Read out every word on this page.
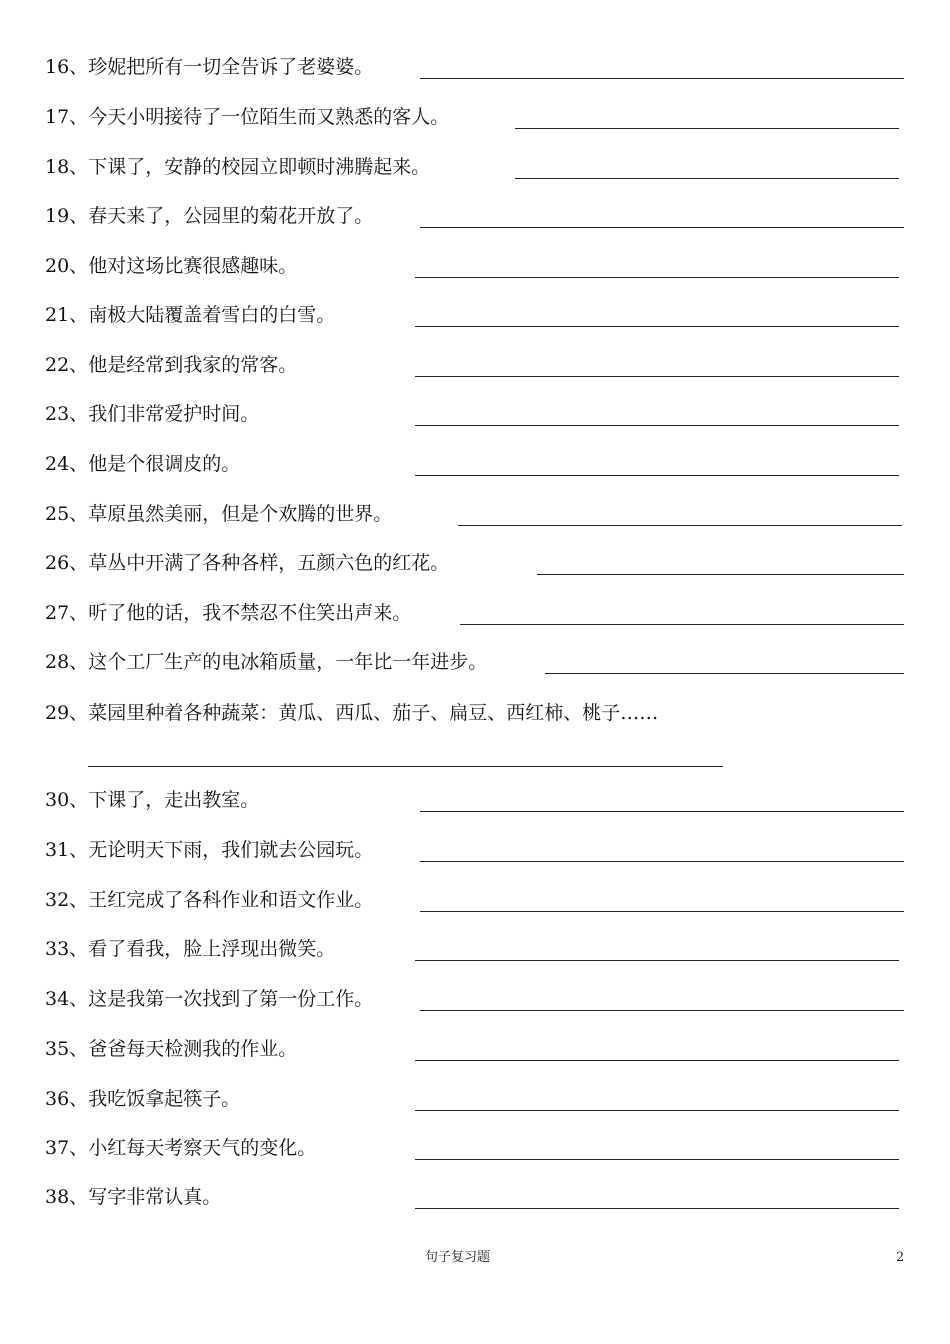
16、珍妮把所有一切全告诉了老婆婆。
17、今天小明接待了一位陌生而又熟悉的客人。
18、下课了，安静的校园立即顿时沸腾起来。
19、春天来了，公园里的菊花开放了。
20、他对这场比赛很感趣味。
21、南极大陆覆盖着雪白的白雪。
22、他是经常到我家的常客。
23、我们非常爱护时间。
24、他是个很调皮的。
25、草原虽然美丽，但是个欢腾的世界。
26、草丛中开满了各种各样，五颜六色的红花。
27、听了他的话，我不禁忍不住笑出声来。
28、这个工厂生产的电冰箱质量，一年比一年进步。
29、菜园里种着各种蔬菜：黄瓜、西瓜、茄子、扁豆、西红柿、桃子……
30、下课了，走出教室。
31、无论明天下雨，我们就去公园玩。
32、王红完成了各科作业和语文作业。
33、看了看我，脸上浮现出微笑。
34、这是我第一次找到了第一份工作。
35、爸爸每天检测我的作业。
36、我吃饭拿起筷子。
37、小红每天考察天气的变化。
38、写字非常认真。
句子复习题	2
